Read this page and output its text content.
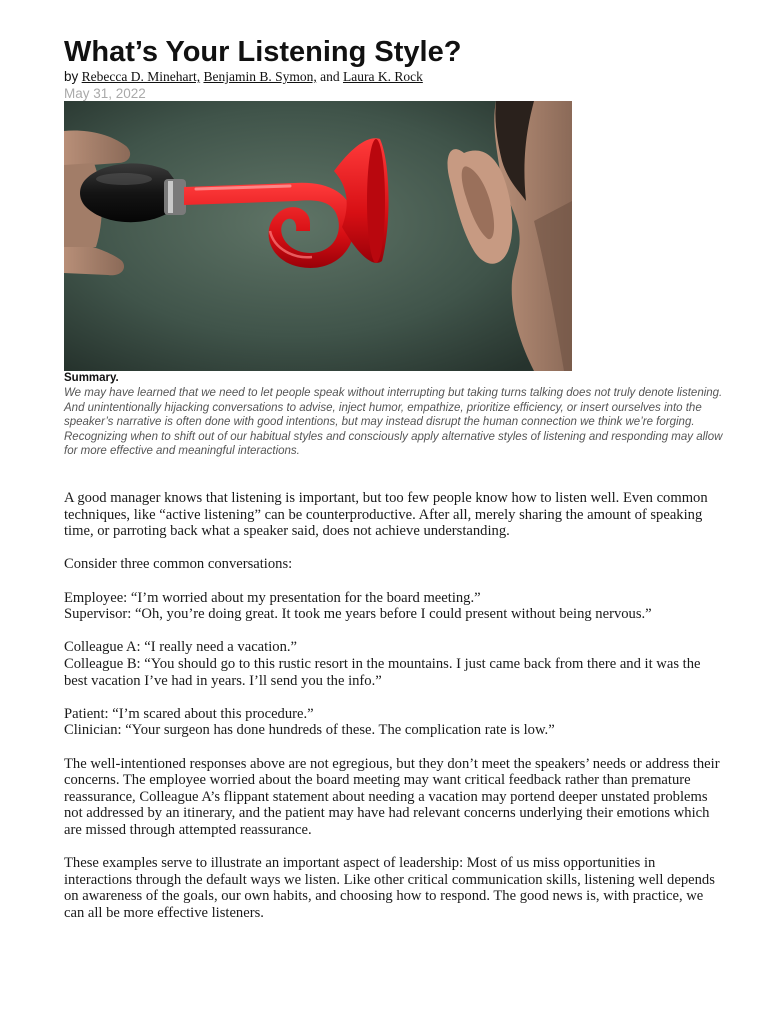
What’s Your Listening Style?
by Rebecca D. Minehart, Benjamin B. Symon, and Laura K. Rock
May 31, 2022
Summary.

We may have learned that we need to let people speak without interrupting but taking turns talking does not truly denote listening. And unintentionally hijacking conversations to advise, inject humor, empathize, prioritize efficiency, or insert ourselves into the speaker’s narrative is often done with good intentions, but may instead disrupt the human connection we think we’re forging. Recognizing when to shift out of our habitual styles and consciously apply alternative styles of listening and responding may allow for more effective and meaningful interactions.

A good manager knows that listening is important, but too few people know how to listen well. Even common techniques, like “active listening” can be counterproductive. After all, merely sharing the amount of speaking time, or parroting back what a speaker said, does not achieve understanding.

Consider three common conversations:

Employee: “I’m worried about my presentation for the board meeting.”
Supervisor: “Oh, you’re doing great. It took me years before I could present without being nervous.”

Colleague A: “I really need a vacation.”
Colleague B: “You should go to this rustic resort in the mountains. I just came back from there and it was the best vacation I’ve had in years. I’ll send you the info.”

Patient: “I’m scared about this procedure.”
Clinician: “Your surgeon has done hundreds of these. The complication rate is low.”

The well-intentioned responses above are not egregious, but they don’t meet the speakers’ needs or address their concerns. The employee worried about the board meeting may want critical feedback rather than premature reassurance, Colleague A’s flippant statement about needing a vacation may portend deeper unstated problems not addressed by an itinerary, and the patient may have had relevant concerns underlying their emotions which are missed through attempted reassurance.

These examples serve to illustrate an important aspect of leadership: Most of us miss opportunities in interactions through the default ways we listen. Like other critical communication skills, listening well depends on awareness of the goals, our own habits, and choosing how to respond. The good news is, with practice, we can all be more effective listeners.
